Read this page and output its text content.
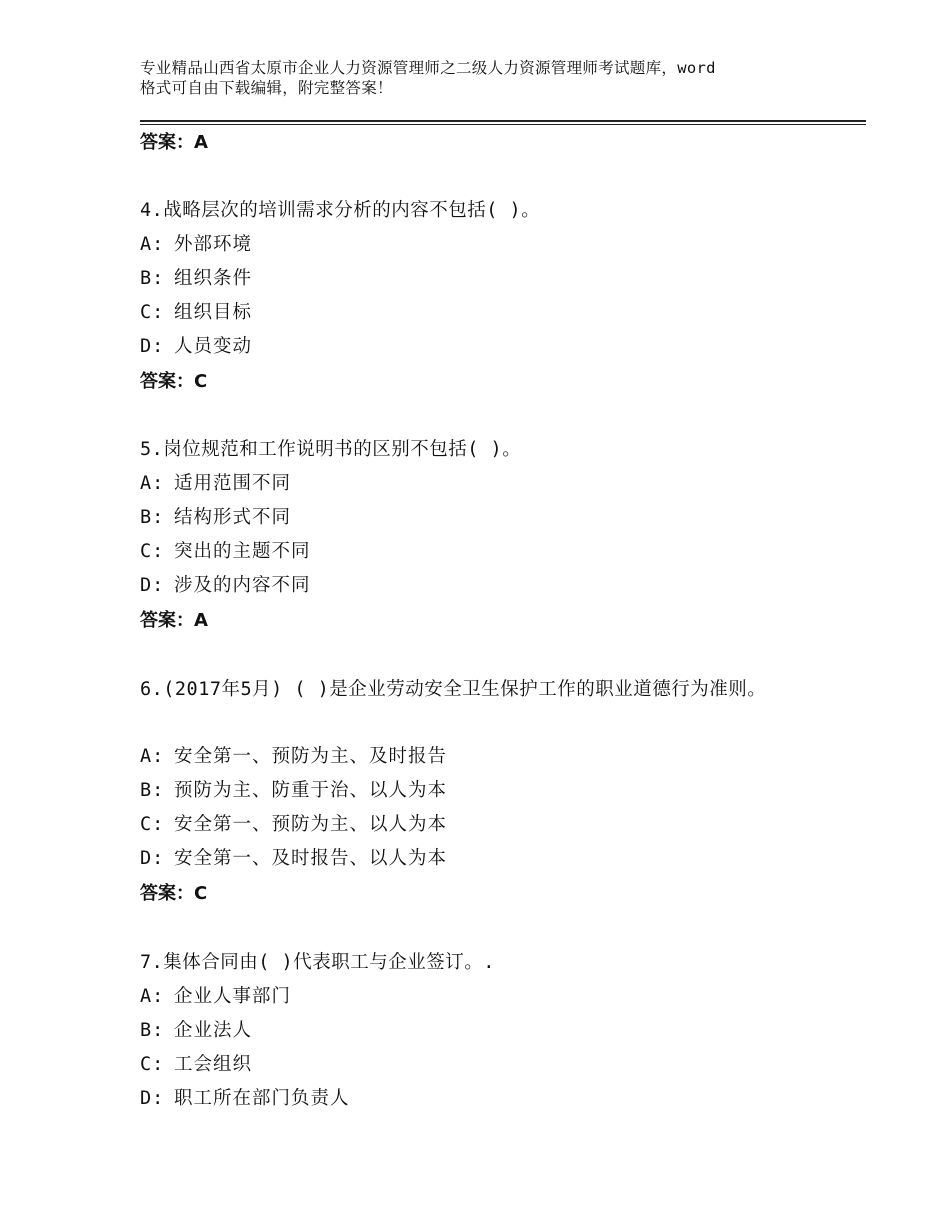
专业精品山西省太原市企业人力资源管理师之二级人力资源管理师考试题库，word
格式可自由下载编辑，附完整答案！
答案：A
4.战略层次的培训需求分析的内容不包括( )。
A: 外部环境
B: 组织条件
C: 组织目标
D: 人员变动
答案：C
5.岗位规范和工作说明书的区别不包括( )。
A: 适用范围不同
B: 结构形式不同
C: 突出的主题不同
D: 涉及的内容不同
答案：A
6.(2017年5月) ( )是企业劳动安全卫生保护工作的职业道德行为准则。
A: 安全第一、预防为主、及时报告
B: 预防为主、防重于治、以人为本
C: 安全第一、预防为主、以人为本
D: 安全第一、及时报告、以人为本
答案：C
7.集体合同由( )代表职工与企业签订。.
A: 企业人事部门
B: 企业法人
C: 工会组织
D: 职工所在部门负责人
